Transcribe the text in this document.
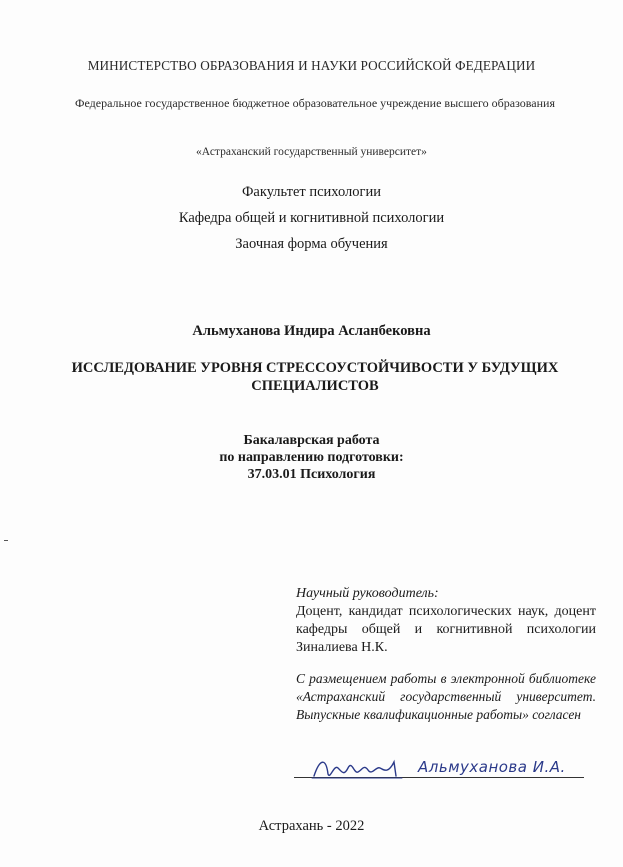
МИНИСТЕРСТВО ОБРАЗОВАНИЯ И НАУКИ РОССИЙСКОЙ ФЕДЕРАЦИИ
Федеральное государственное бюджетное образовательное учреждение высшего образования
«Астраханский государственный университет»
Факультет психологии
Кафедра общей и когнитивной психологии
Заочная форма обучения
Альмуханова Индира Асланбековна
ИССЛЕДОВАНИЕ УРОВНЯ СТРЕССОУСТОЙЧИВОСТИ У БУДУЩИХ СПЕЦИАЛИСТОВ
Бакалаврская работа
по направлению подготовки:
37.03.01 Психология
Научный руководитель:
Доцент, кандидат психологических наук, доцент кафедры общей и когнитивной психологии Зиналиева Н.К.
С размещением работы в электронной библиотеке «Астраханский государственный университет. Выпускные квалификационные работы» согласен
Альмуханова И.А.
Астрахань - 2022
